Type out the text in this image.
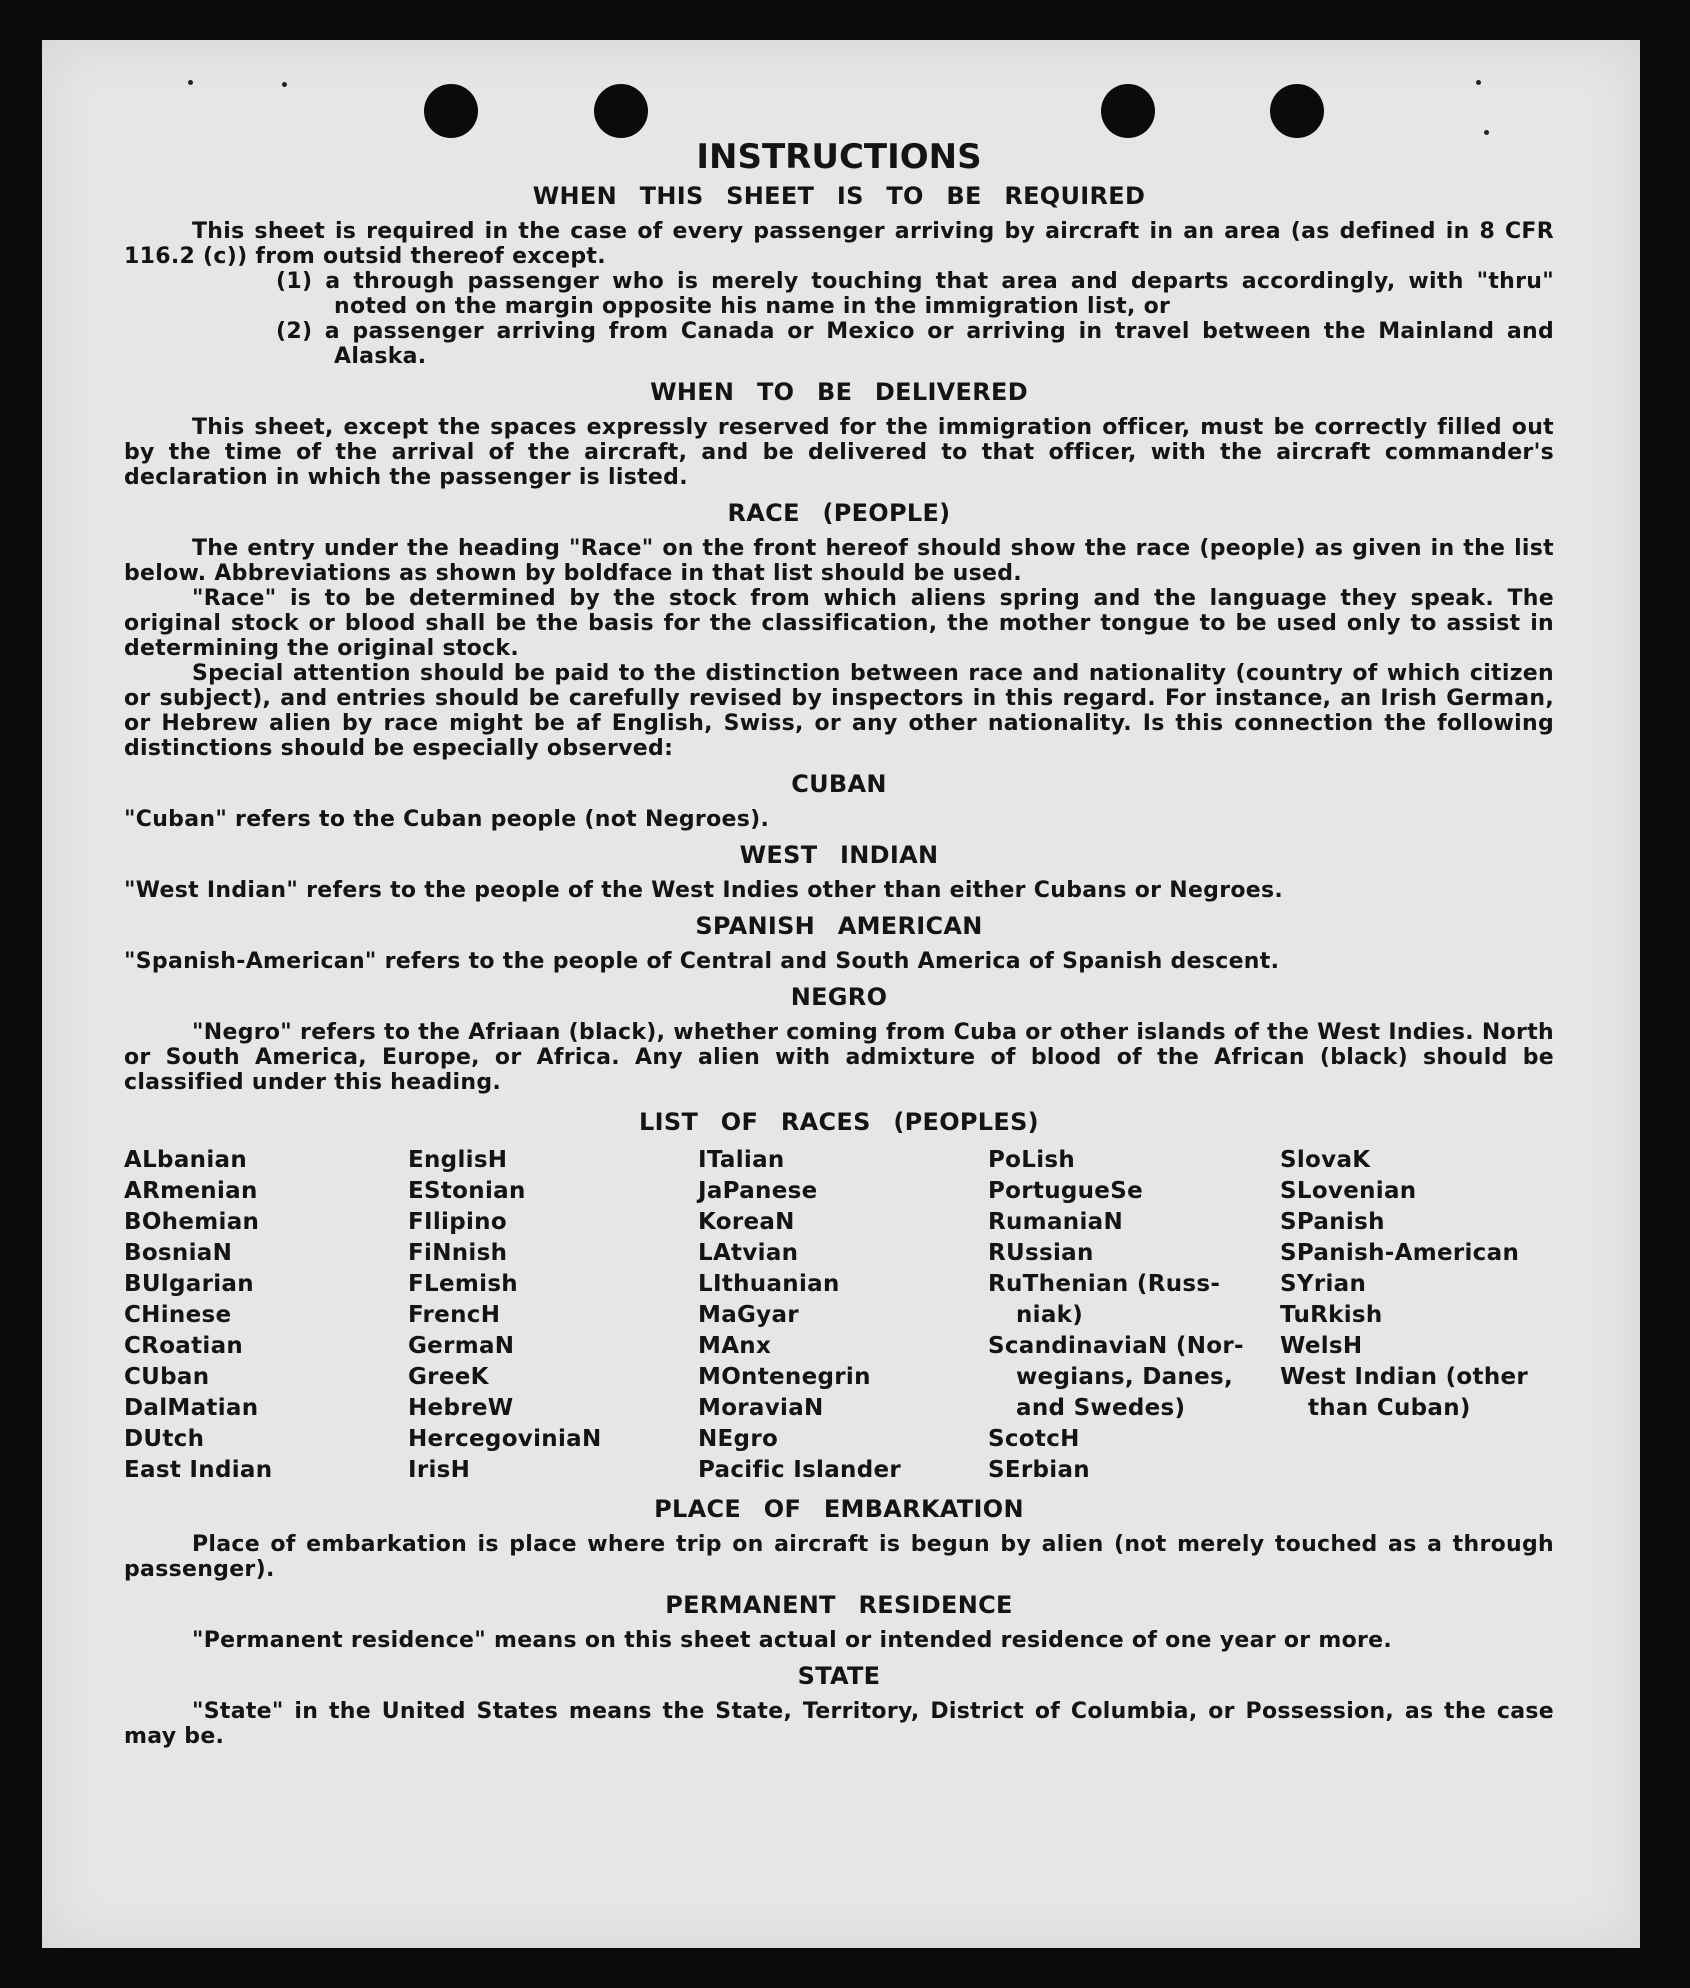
INSTRUCTIONS
WHEN THIS SHEET IS TO BE REQUIRED

This sheet is required in the case of every passenger arriving by aircraft in an area (as defined in 8 CFR 116.2 (c)) from outsid thereof except.

(1) a through passenger who is merely touching that area and departs accordingly, with "thru" noted on the margin opposite his name in the immigration list, or

(2) a passenger arriving from Canada or Mexico or arriving in travel between the Mainland and Alaska.

WHEN TO BE DELIVERED

This sheet, except the spaces expressly reserved for the immigration officer, must be correctly filled out by the time of the arrival of the aircraft, and be delivered to that officer, with the aircraft commander's declaration in which the passenger is listed.

RACE (PEOPLE)

The entry under the heading "Race" on the front hereof should show the race (people) as given in the list below. Abbreviations as shown by boldface in that list should be used.

"Race" is to be determined by the stock from which aliens spring and the language they speak. The original stock or blood shall be the basis for the classification, the mother tongue to be used only to assist in determining the original stock.

Special attention should be paid to the distinction between race and nationality (country of which citizen or subject), and entries should be carefully revised by inspectors in this regard. For instance, an Irish German, or Hebrew alien by race might be af English, Swiss, or any other nationality. Is this connection the following distinctions should be especially observed:

CUBAN

"Cuban" refers to the Cuban people (not Negroes).

WEST INDIAN

"West Indian" refers to the people of the West Indies other than either Cubans or Negroes.

SPANISH AMERICAN

"Spanish-American" refers to the people of Central and South America of Spanish descent.

NEGRO

"Negro" refers to the Afriaan (black), whether coming from Cuba or other islands of the West Indies. North or South America, Europe, or Africa. Any alien with admixture of blood of the African (black) should be classified under this heading.

LIST OF RACES (PEOPLES)
ALbanian
ARmenian
BOhemian
BosniaN
BUlgarian
CHinese
CRoatian
CUban
DalMatian
DUtch
East Indian
EnglisH
EStonian
FIlipino
FiNnish
FLemish
FrencH
GermaN
GreeK
HebreW
HercegoviniaN
IrisH
ITalian
JaPanese
KoreaN
LAtvian
LIthuanian
MaGyar
MAnx
MOntenegrin
MoraviaN
NEgro
Pacific Islander
PoLish
PortugueSe
RumaniaN
RUssian
RuThenian (Russ-
niak)
ScandinaviaN (Nor-
wegians, Danes,
and Swedes)
ScotcH
SErbian
SlovaK
SLovenian
SPanish
SPanish-American
SYrian
TuRkish
WelsH
West Indian (other
than Cuban)
PLACE OF EMBARKATION

Place of embarkation is place where trip on aircraft is begun by alien (not merely touched as a through passenger).

PERMANENT RESIDENCE

"Permanent residence" means on this sheet actual or intended residence of one year or more.

STATE

"State" in the United States means the State, Territory, District of Columbia, or Possession, as the case may be.
